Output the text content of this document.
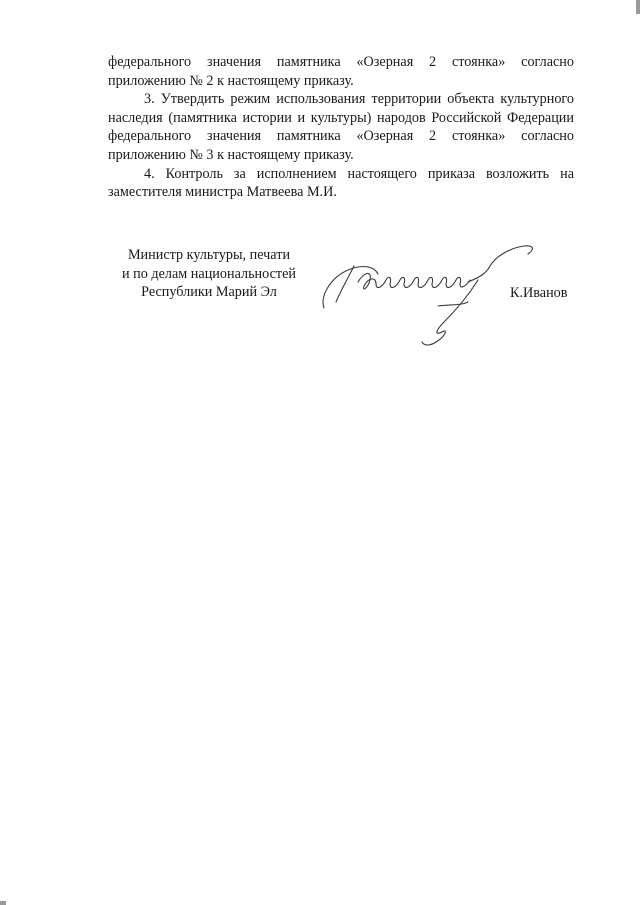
федерального значения памятника «Озерная 2 стоянка» согласно приложению № 2 к настоящему приказу.

3. Утвердить режим использования территории объекта культурного наследия (памятника истории и культуры) народов Российской Федерации федерального значения памятника «Озерная 2 стоянка» согласно приложению № 3 к настоящему приказу.

4. Контроль за исполнением настоящего приказа возложить на заместителя министра Матвеева М.И.

Министр культуры, печати
и по делам национальностей
Республики Марий Эл	К.Иванов
